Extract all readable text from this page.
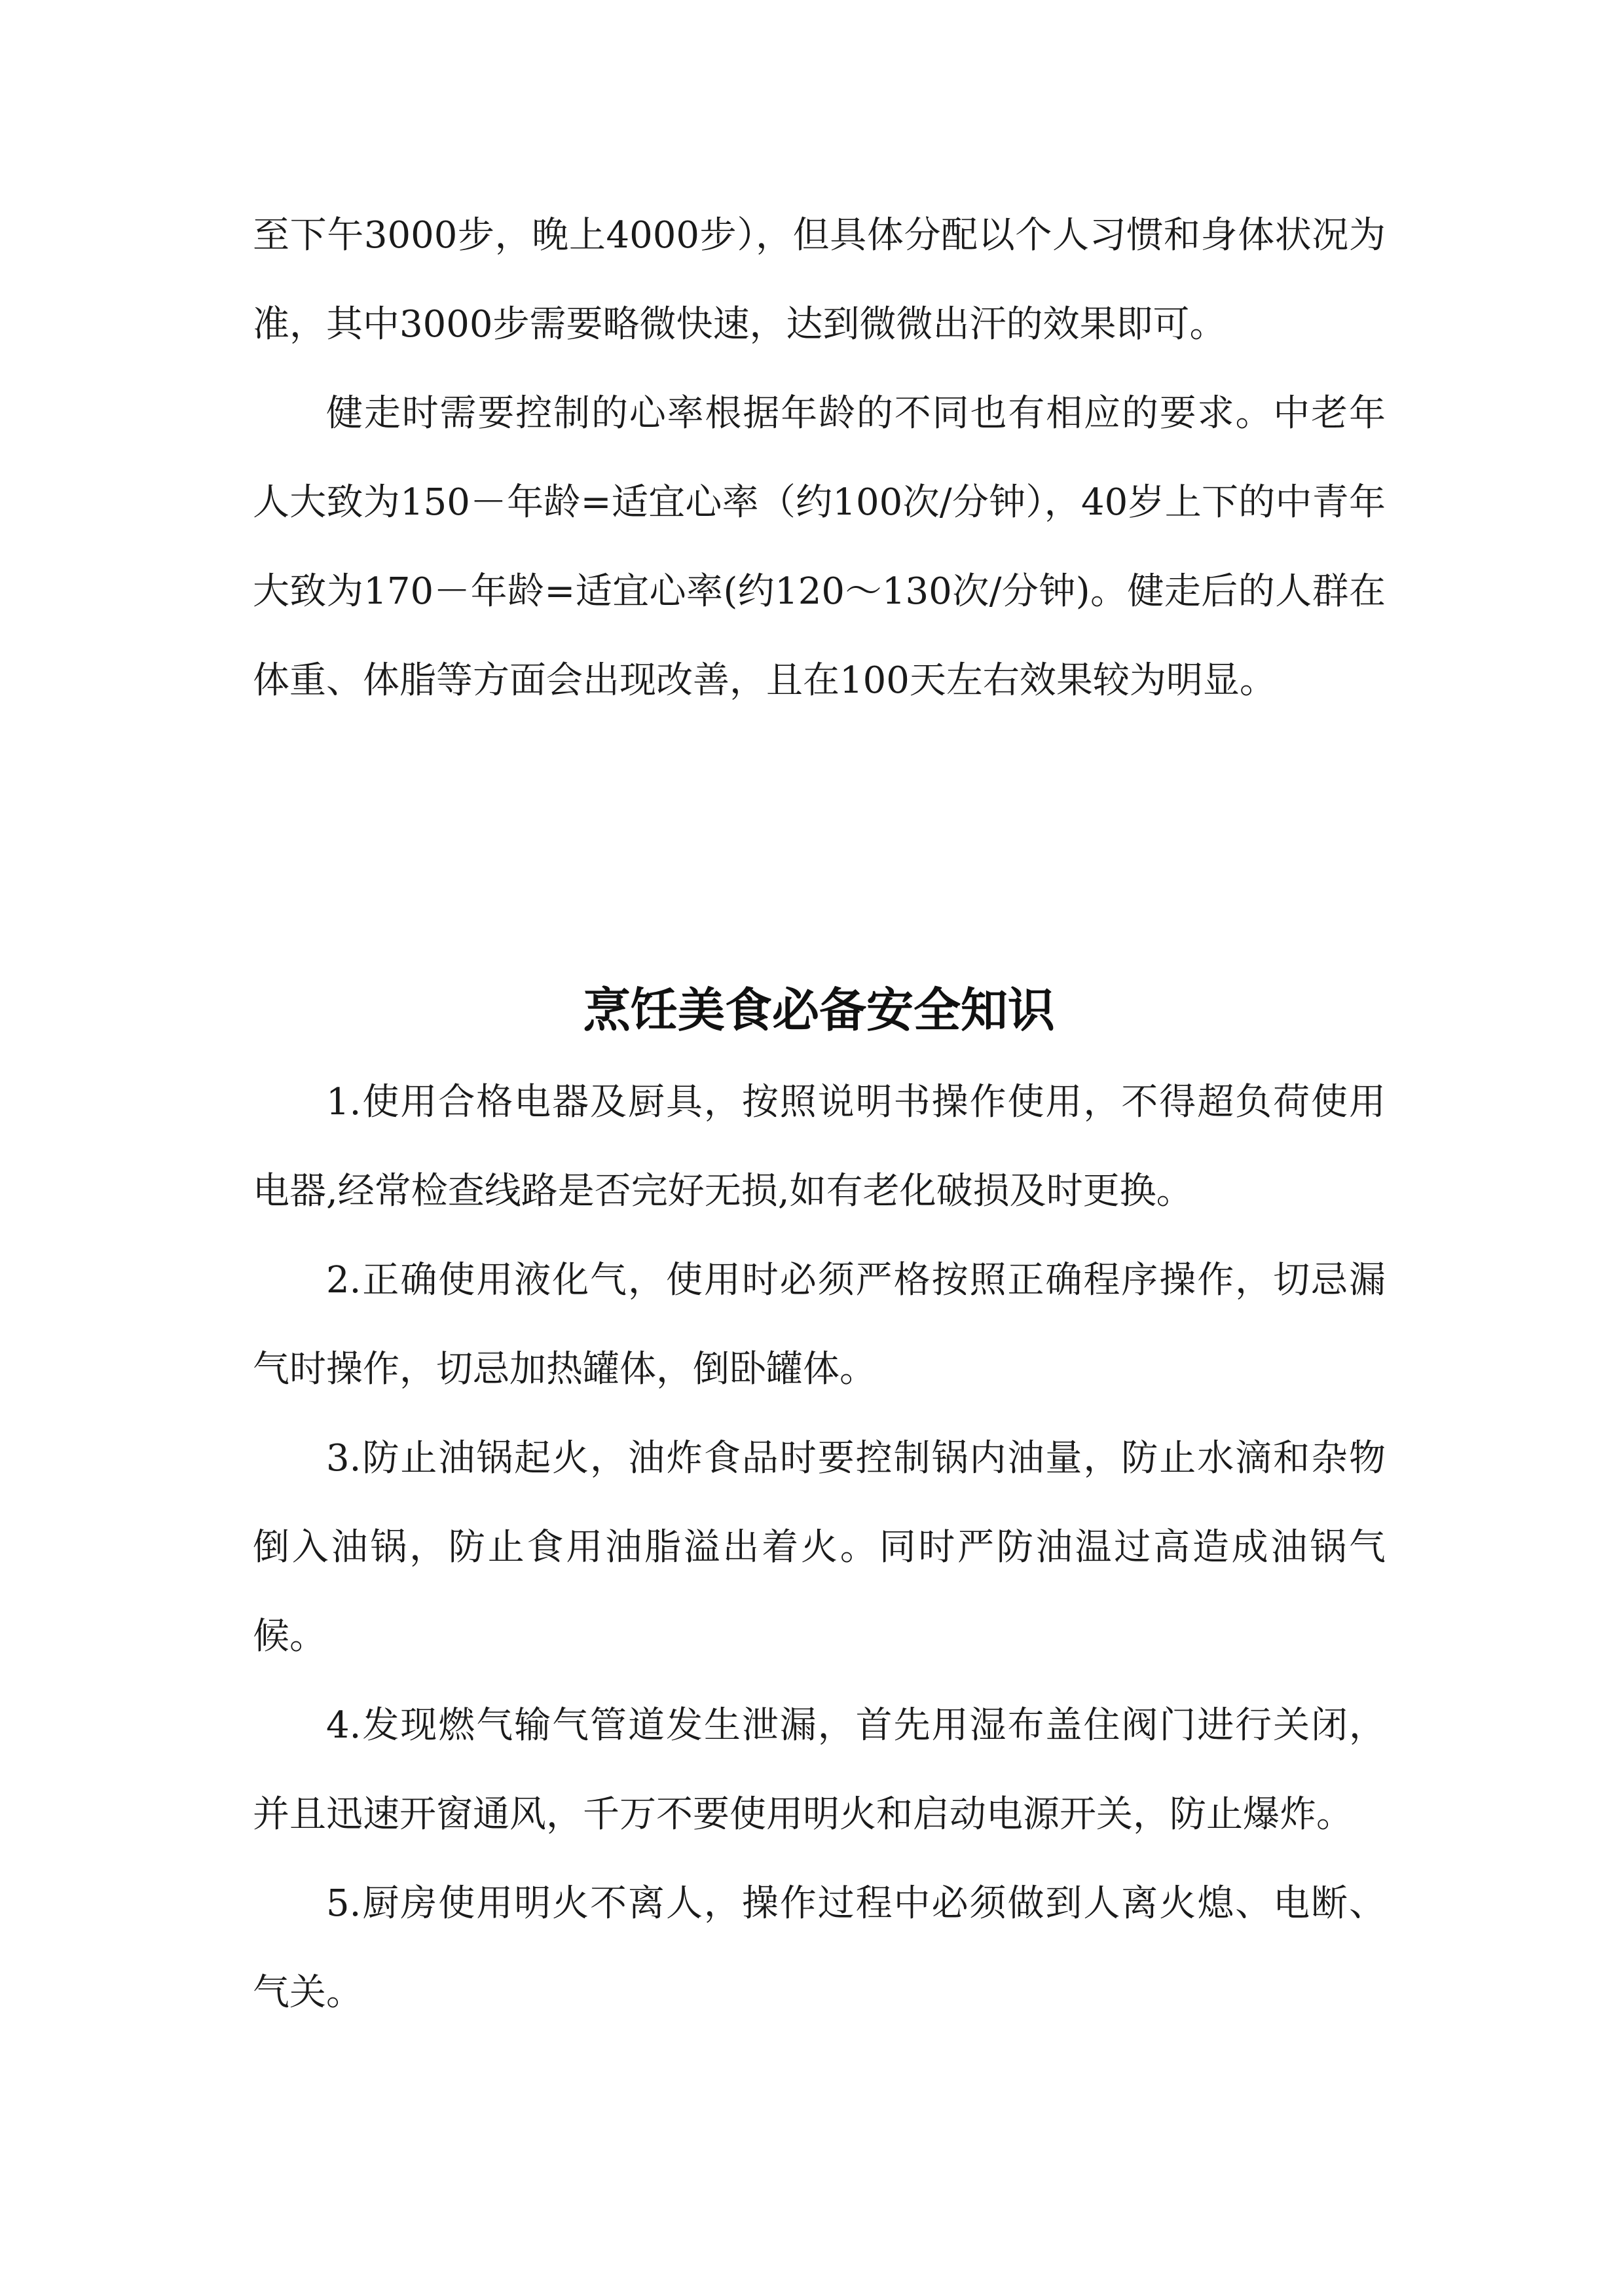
至下午3000步，晚上4000步），但具体分配以个人习惯和身体状况为准，其中3000步需要略微快速，达到微微出汗的效果即可。

健走时需要控制的心率根据年龄的不同也有相应的要求。中老年人大致为150－年龄=适宜心率（约100次/分钟），40岁上下的中青年大致为170－年龄=适宜心率(约120～130次/分钟)。健走后的人群在体重、体脂等方面会出现改善，且在100天左右效果较为明显。

烹饪美食必备安全知识

1.使用合格电器及厨具，按照说明书操作使用，不得超负荷使用电器,经常检查线路是否完好无损,如有老化破损及时更换。

2.正确使用液化气，使用时必须严格按照正确程序操作，切忌漏气时操作，切忌加热罐体，倒卧罐体。

3.防止油锅起火，油炸食品时要控制锅内油量，防止水滴和杂物倒入油锅，防止食用油脂溢出着火。同时严防油温过高造成油锅气候。

4.发现燃气输气管道发生泄漏，首先用湿布盖住阀门进行关闭，并且迅速开窗通风，千万不要使用明火和启动电源开关，防止爆炸。

5.厨房使用明火不离人，操作过程中必须做到人离火熄、电断、气关。
